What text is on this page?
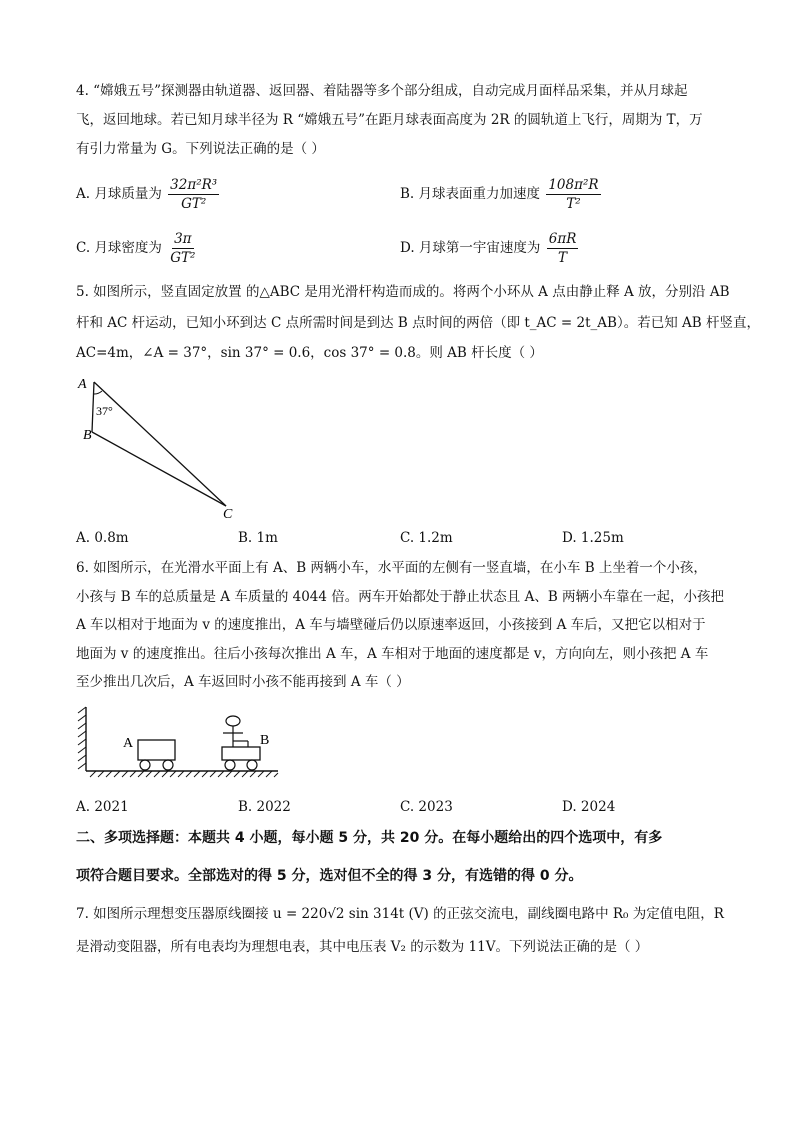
4. “嫦娥五号”探测器由轨道器、返回器、着陆器等多个部分组成，自动完成月面样品采集，并从月球起
飞，返回地球。若已知月球半径为 R “嫦娥五号”在距月球表面高度为 2R 的圆轨道上飞行，周期为 T，万
有引力常量为 G。下列说法正确的是（ ）
A. 月球质量为 $\frac{\text{32π²R³}}{\text{GT²}}$	B. 月球表面重力加速度 $\frac{\text{108π²R}}{\text{T²}}$
C. 月球密度为 $\frac{3\pi}{\text{GT²}}$	D. 月球第一宇宙速度为 $\frac{6\pi R}{T}$
5. 如图所示，竖直固定放置 的△ABC 是用光滑杆构造而成的。将两个小环从 A 点由静止释 A 放，分别沿 AB
杆和 AC 杆运动，已知小环到达 C 点所需时间是到达 B 点时间的两倍（即 t_AC = 2t_AB）。若已知 AB 杆竖直，
AC=4m，∠A = 37°，sin 37° = 0.6，cos 37° = 0.8。则 AB 杆长度（ ）
A
B
C
37°
A. 0.8m	B. 1m	C. 1.2m	D. 1.25m
6. 如图所示，在光滑水平面上有 A、B 两辆小车，水平面的左侧有一竖直墙，在小车 B 上坐着一个小孩，
小孩与 B 车的总质量是 A 车质量的 4044 倍。两车开始都处于静止状态且 A、B 两辆小车靠在一起，小孩把
A 车以相对于地面为 v 的速度推出，A 车与墙壁碰后仍以原速率返回，小孩接到 A 车后，又把它以相对于
地面为 v 的速度推出。往后小孩每次推出 A 车，A 车相对于地面的速度都是 v，方向向左，则小孩把 A 车
至少推出几次后，A 车返回时小孩不能再接到 A 车（ ）
A	B
A. 2021	B. 2022	C. 2023	D. 2024
二、多项选择题：本题共 4 小题，每小题 5 分，共 20 分。在每小题给出的四个选项中，有多
项符合题目要求。全部选对的得 5 分，选对但不全的得 3 分，有选错的得 0 分。
7. 如图所示理想变压器原线圈接 u = 220√2 sin 314t (V) 的正弦交流电，副线圈电路中 R₀ 为定值电阻，R
是滑动变阻器，所有电表均为理想电表，其中电压表 V₂ 的示数为 11V。下列说法正确的是（ ）
